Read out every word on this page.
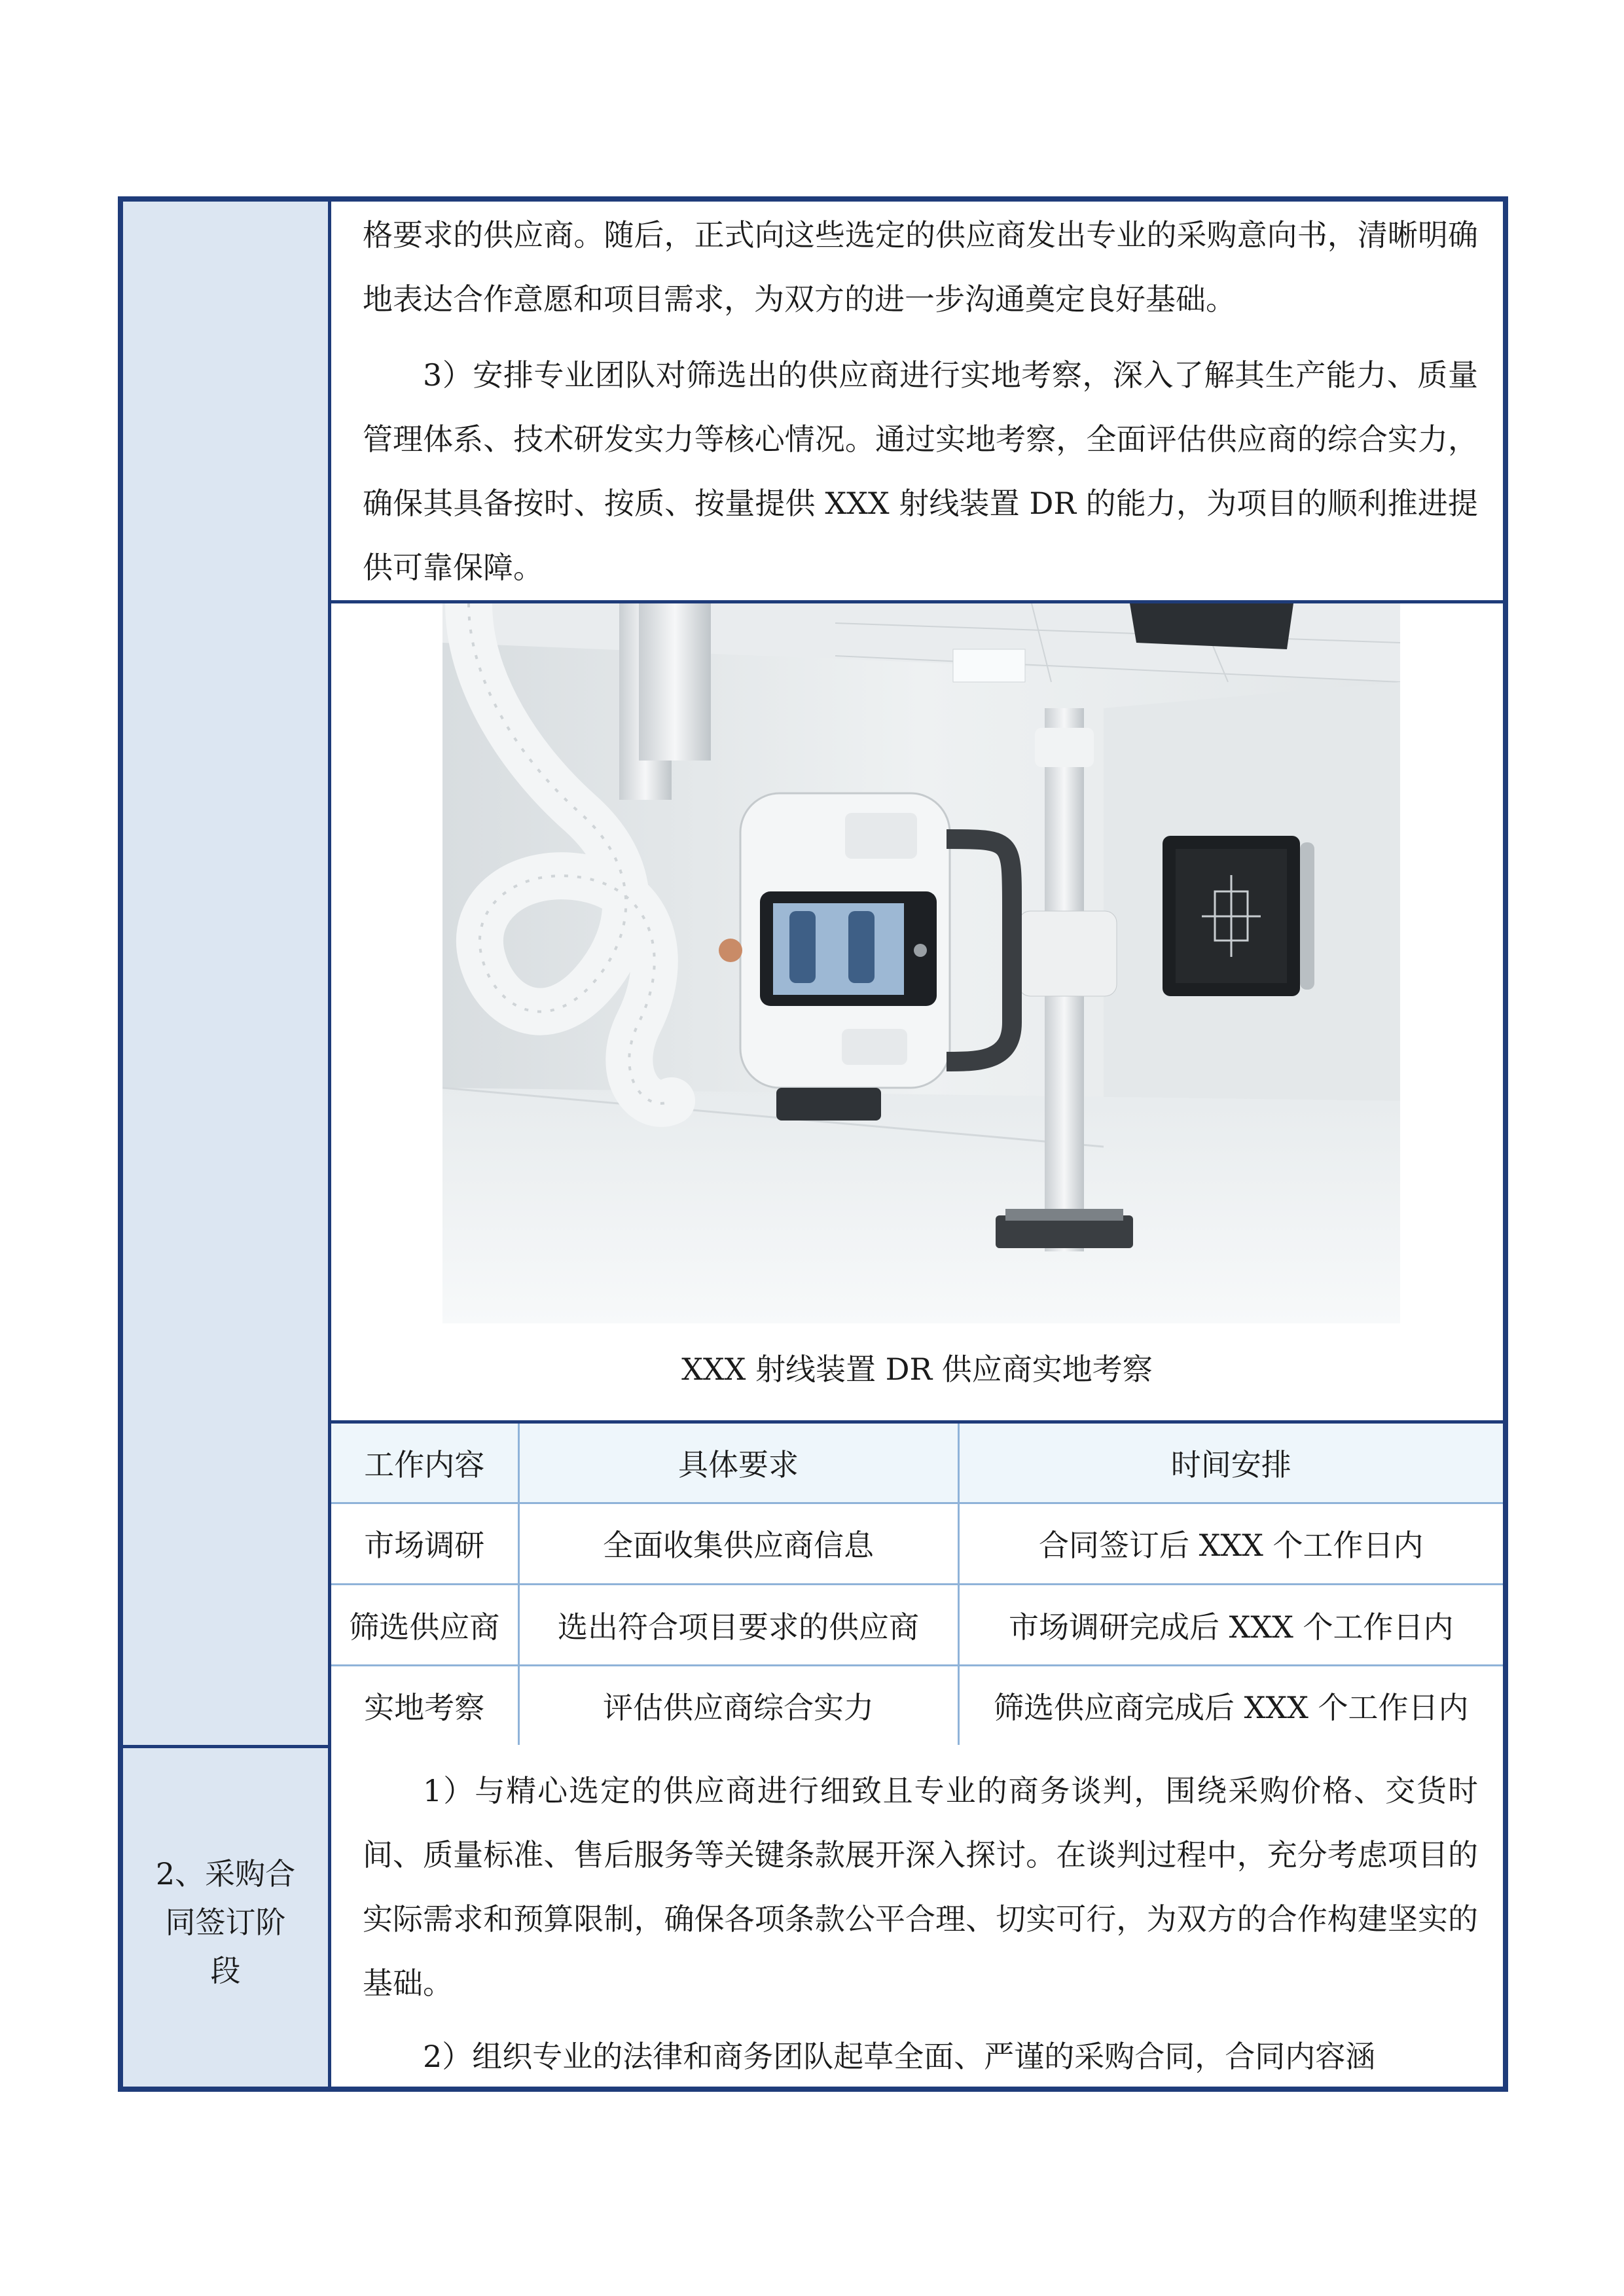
2、采购合
同签订阶
段

格要求的供应商。随后，正式向这些选定的供应商发出专业的采购意向书，清晰明确地表达合作意愿和项目需求，为双方的进一步沟通奠定良好基础。

3）安排专业团队对筛选出的供应商进行实地考察，深入了解其生产能力、质量管理体系、技术研发实力等核心情况。通过实地考察，全面评估供应商的综合实力，确保其具备按时、按质、按量提供 XXX 射线装置 DR 的能力，为项目的顺利推进提供可靠保障。

XXX 射线装置 DR 供应商实地考察
工作内容	具体要求	时间安排
市场调研	全面收集供应商信息	合同签订后 XXX 个工作日内
筛选供应商	选出符合项目要求的供应商	市场调研完成后 XXX 个工作日内
实地考察	评估供应商综合实力	筛选供应商完成后 XXX 个工作日内

1）与精心选定的供应商进行细致且专业的商务谈判，围绕采购价格、交货时间、质量标准、售后服务等关键条款展开深入探讨。在谈判过程中，充分考虑项目的实际需求和预算限制，确保各项条款公平合理、切实可行，为双方的合作构建坚实的基础。

2）组织专业的法律和商务团队起草全面、严谨的采购合同，合同内容涵
